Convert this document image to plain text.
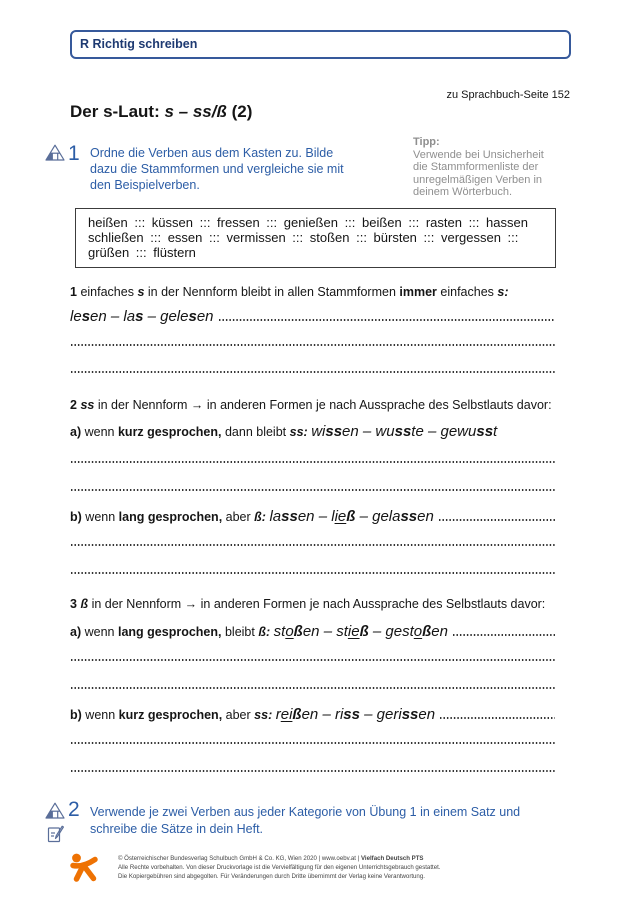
R Richtig schreiben
zu Sprachbuch-Seite 152
Der s-Laut: s – ss/ß (2)
1 Ordne die Verben aus dem Kasten zu. Bilde
dazu die Stammformen und vergleiche sie mit
den Beispielverben.
Tipp:
Verwende bei Unsicherheit
die Stammformenliste der
unregelmäßigen Verben in
deinem Wörterbuch.
heißen ::: küssen ::: fressen ::: genießen ::: beißen ::: rasten ::: hassen
schließen ::: essen ::: vermissen ::: stoßen ::: bürsten ::: vergessen :::
grüßen ::: flüstern
1 einfaches s in der Nennform bleibt in allen Stammformen immer einfaches s:
lesen – las – gelesen
2 ss in der Nennform → in anderen Formen je nach Aussprache des Selbstlauts davor:
a) wenn kurz gesprochen, dann bleibt ss: wissen – wusste – gewusst
b) wenn lang gesprochen, aber ß: lassen – ließ – gelassen
3 ß in der Nennform → in anderen Formen je nach Aussprache des Selbstlauts davor:
a) wenn lang gesprochen, bleibt ß: stoßen – stieß – gestoßen
b) wenn kurz gesprochen, aber ss: reißen – riss – gerissen
2 Verwende je zwei Verben aus jeder Kategorie von Übung 1 in einem Satz und
schreibe die Sätze in dein Heft.
© Österreichischer Bundesverlag Schulbuch GmbH & Co. KG, Wien 2020 | www.oebv.at | Vielfach Deutsch PTS
Alle Rechte vorbehalten. Von dieser Druckvorlage ist die Vervielfältigung für den eigenen Unterrichtsgebrauch gestattet.
Die Kopiergebühren sind abgegolten. Für Veränderungen durch Dritte übernimmt der Verlag keine Verantwortung.
